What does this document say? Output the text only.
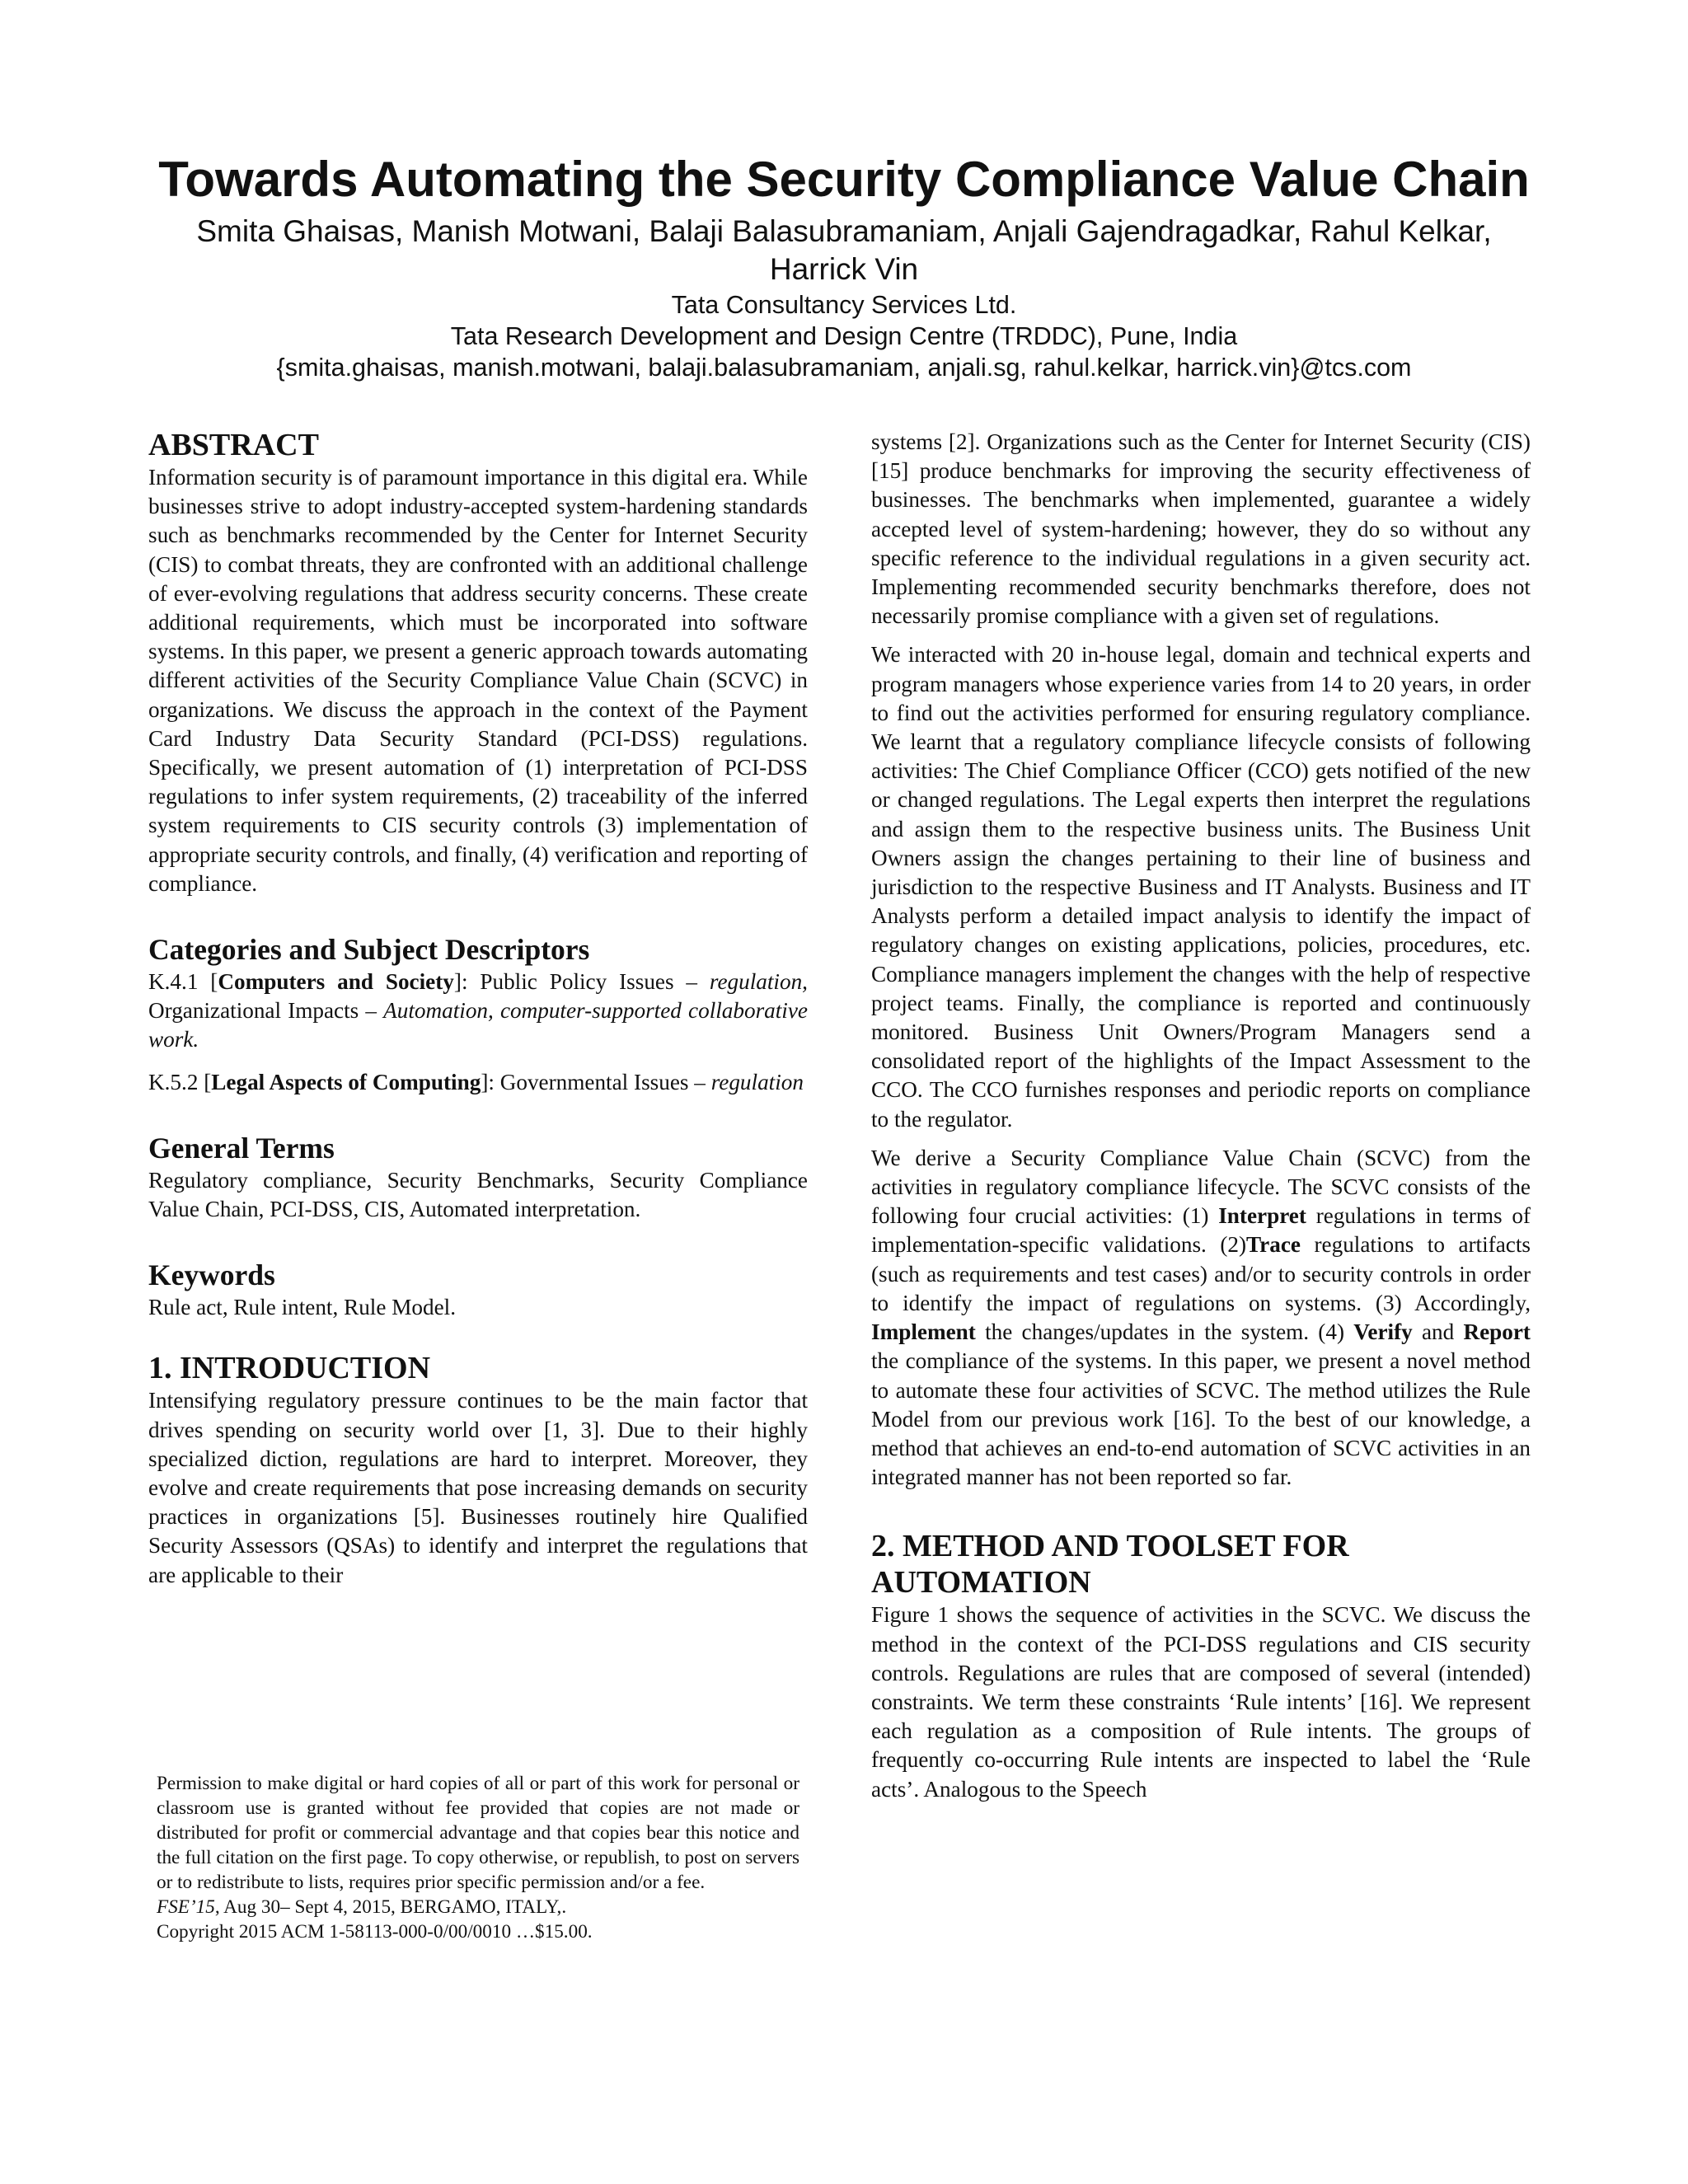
Towards Automating the Security Compliance Value Chain
Smita Ghaisas, Manish Motwani, Balaji Balasubramaniam, Anjali Gajendragadkar, Rahul Kelkar,
Harrick Vin
Tata Consultancy Services Ltd.
Tata Research Development and Design Centre (TRDDC), Pune, India
{smita.ghaisas, manish.motwani, balaji.balasubramaniam, anjali.sg, rahul.kelkar, harrick.vin}@tcs.com
ABSTRACT

Information security is of paramount importance in this digital era. While businesses strive to adopt industry-accepted system-hardening standards such as benchmarks recommended by the Center for Internet Security (CIS) to combat threats, they are confronted with an additional challenge of ever-evolving regulations that address security concerns. These create additional requirements, which must be incorporated into software systems. In this paper, we present a generic approach towards automating different activities of the Security Compliance Value Chain (SCVC) in organizations. We discuss the approach in the context of the Payment Card Industry Data Security Standard (PCI-DSS) regulations. Specifically, we present automation of (1) interpretation of PCI-DSS regulations to infer system requirements, (2) traceability of the inferred system requirements to CIS security controls (3) implementation of appropriate security controls, and finally, (4) verification and reporting of compliance.

Categories and Subject Descriptors

K.4.1 [Computers and Society]: Public Policy Issues – regulation, Organizational Impacts – Automation, computer-supported collaborative work.

K.5.2 [Legal Aspects of Computing]: Governmental Issues – regulation

General Terms

Regulatory compliance, Security Benchmarks, Security Compliance Value Chain, PCI-DSS, CIS, Automated interpretation.

Keywords

Rule act, Rule intent, Rule Model.

1. INTRODUCTION

Intensifying regulatory pressure continues to be the main factor that drives spending on security world over [1, 3]. Due to their highly specialized diction, regulations are hard to interpret. Moreover, they evolve and create requirements that pose increasing demands on security practices in organizations [5]. Businesses routinely hire Qualified Security Assessors (QSAs) to identify and interpret the regulations that are applicable to their

Permission to make digital or hard copies of all or part of this work for personal or classroom use is granted without fee provided that copies are not made or distributed for profit or commercial advantage and that copies bear this notice and the full citation on the first page. To copy otherwise, or republish, to post on servers or to redistribute to lists, requires prior specific permission and/or a fee.

FSE’15, Aug 30– Sept 4, 2015, BERGAMO, ITALY,.
Copyright 2015 ACM 1-58113-000-0/00/0010 …$15.00.

systems [2]. Organizations such as the Center for Internet Security (CIS) [15] produce benchmarks for improving the security effectiveness of businesses. The benchmarks when implemented, guarantee a widely accepted level of system-hardening; however, they do so without any specific reference to the individual regulations in a given security act. Implementing recommended security benchmarks therefore, does not necessarily promise compliance with a given set of regulations.

We interacted with 20 in-house legal, domain and technical experts and program managers whose experience varies from 14 to 20 years, in order to find out the activities performed for ensuring regulatory compliance. We learnt that a regulatory compliance lifecycle consists of following activities: The Chief Compliance Officer (CCO) gets notified of the new or changed regulations. The Legal experts then interpret the regulations and assign them to the respective business units. The Business Unit Owners assign the changes pertaining to their line of business and jurisdiction to the respective Business and IT Analysts. Business and IT Analysts perform a detailed impact analysis to identify the impact of regulatory changes on existing applications, policies, procedures, etc. Compliance managers implement the changes with the help of respective project teams. Finally, the compliance is reported and continuously monitored. Business Unit Owners/Program Managers send a consolidated report of the highlights of the Impact Assessment to the CCO. The CCO furnishes responses and periodic reports on compliance to the regulator.

We derive a Security Compliance Value Chain (SCVC) from the activities in regulatory compliance lifecycle. The SCVC consists of the following four crucial activities: (1) Interpret regulations in terms of implementation-specific validations. (2)Trace regulations to artifacts (such as requirements and test cases) and/or to security controls in order to identify the impact of regulations on systems. (3) Accordingly, Implement the changes/updates in the system. (4) Verify and Report the compliance of the systems. In this paper, we present a novel method to automate these four activities of SCVC. The method utilizes the Rule Model from our previous work [16]. To the best of our knowledge, a method that achieves an end-to-end automation of SCVC activities in an integrated manner has not been reported so far.

2. METHOD AND TOOLSET FOR
AUTOMATION

Figure 1 shows the sequence of activities in the SCVC. We discuss the method in the context of the PCI-DSS regulations and CIS security controls. Regulations are rules that are composed of several (intended) constraints. We term these constraints ‘Rule intents’ [16]. We represent each regulation as a composition of Rule intents. The groups of frequently co-occurring Rule intents are inspected to label the ‘Rule acts’. Analogous to the Speech
